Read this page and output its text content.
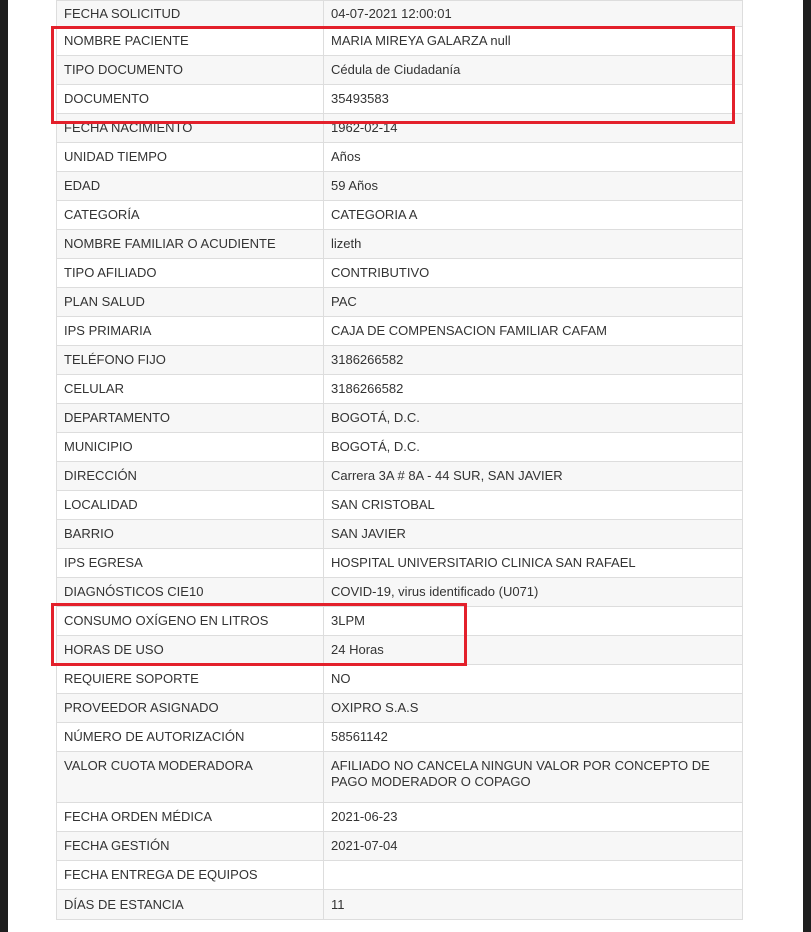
FECHA SOLICITUD	04-07-2021 12:00:01
NOMBRE PACIENTE	MARIA MIREYA GALARZA null
TIPO DOCUMENTO	Cédula de Ciudadanía
DOCUMENTO	35493583
FECHA NACIMIENTO	1962-02-14
UNIDAD TIEMPO	Años
EDAD	59 Años
CATEGORÍA	CATEGORIA A
NOMBRE FAMILIAR O ACUDIENTE	lizeth
TIPO AFILIADO	CONTRIBUTIVO
PLAN SALUD	PAC
IPS PRIMARIA	CAJA DE COMPENSACION FAMILIAR CAFAM
TELÉFONO FIJO	3186266582
CELULAR	3186266582
DEPARTAMENTO	BOGOTÁ, D.C.
MUNICIPIO	BOGOTÁ, D.C.
DIRECCIÓN	Carrera 3A # 8A - 44 SUR, SAN JAVIER
LOCALIDAD	SAN CRISTOBAL
BARRIO	SAN JAVIER
IPS EGRESA	HOSPITAL UNIVERSITARIO CLINICA SAN RAFAEL
DIAGNÓSTICOS CIE10	COVID-19, virus identificado (U071)
CONSUMO OXÍGENO EN LITROS	3LPM
HORAS DE USO	24 Horas
REQUIERE SOPORTE	NO
PROVEEDOR ASIGNADO	OXIPRO S.A.S
NÚMERO DE AUTORIZACIÓN	58561142
VALOR CUOTA MODERADORA	AFILIADO NO CANCELA NINGUN VALOR POR CONCEPTO DE PAGO MODERADOR O COPAGO
FECHA ORDEN MÉDICA	2021-06-23
FECHA GESTIÓN	2021-07-04
FECHA ENTREGA DE EQUIPOS	
DÍAS DE ESTANCIA	11
